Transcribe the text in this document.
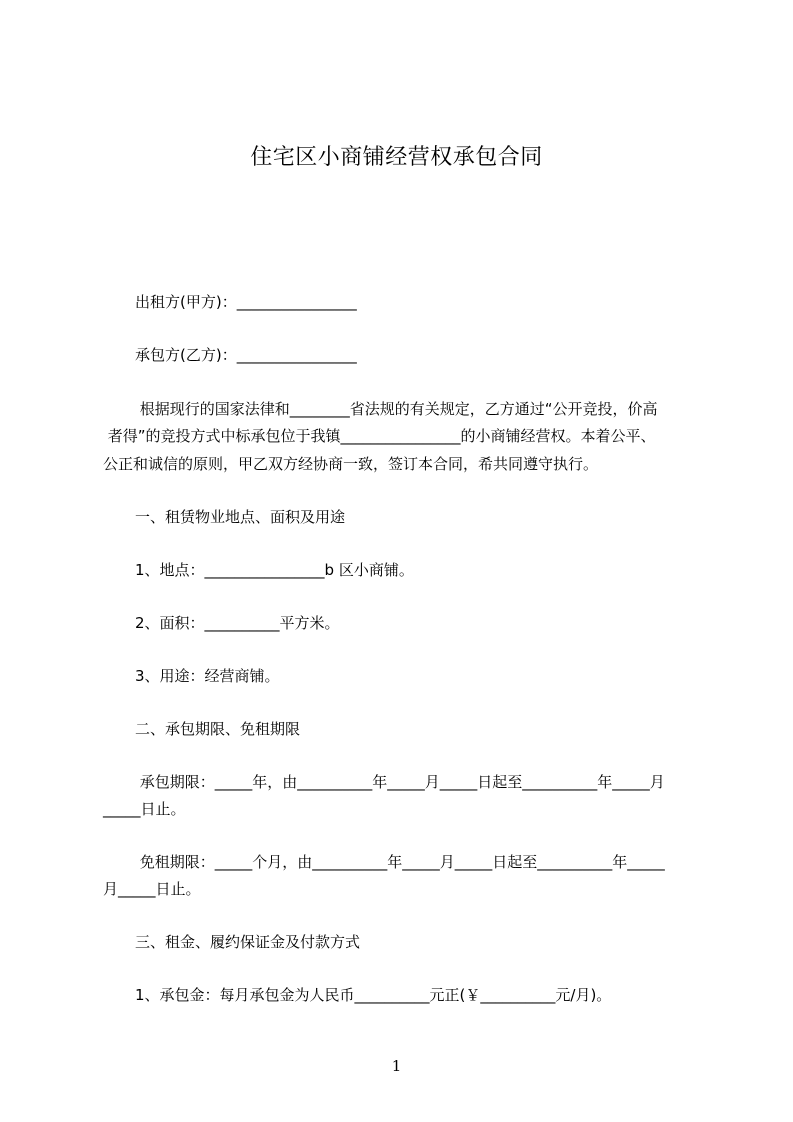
住宅区小商铺经营权承包合同
出租方(甲方)：________________
承包方(乙方)：________________
根据现行的国家法律和________省法规的有关规定，乙方通过“公开竞投，价高
者得”的竞投方式中标承包位于我镇________________的小商铺经营权。本着公平、
公正和诚信的原则，甲乙双方经协商一致，签订本合同，希共同遵守执行。
一、租赁物业地点、面积及用途
1、地点：________________b 区小商铺。
2、面积：__________平方米。
3、用途：经营商铺。
二、承包期限、免租期限
承包期限：_____年，由__________年_____月_____日起至__________年_____月
_____日止。
免租期限：_____个月，由__________年_____月_____日起至__________年_____
月_____日止。
三、租金、履约保证金及付款方式
1、承包金：每月承包金为人民币__________元正(￥__________元/月)。
1
